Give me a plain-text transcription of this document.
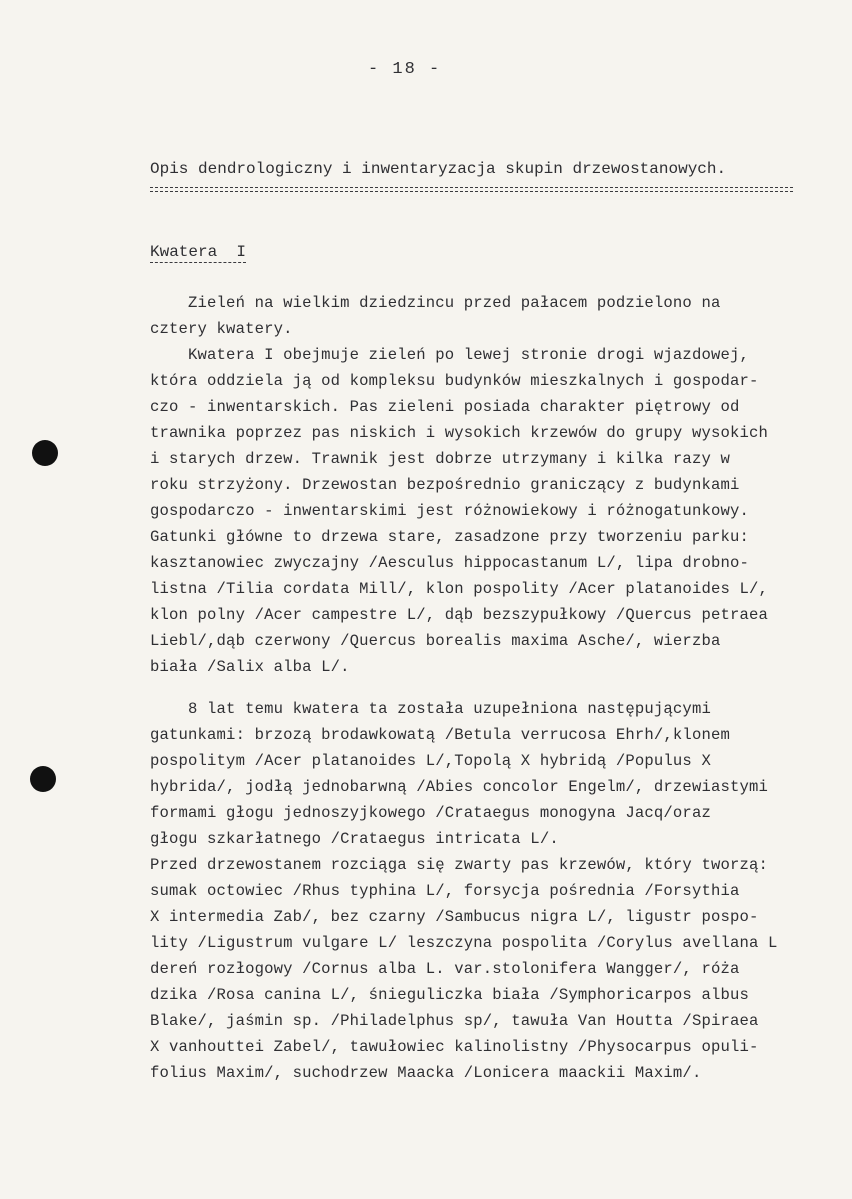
- 18 -
Opis dendrologiczny i inwentaryzacja skupin drzewostanowych.
Kwatera  I
Zieleń na wielkim dziedzincu przed pałacem podzielono na
cztery kwatery.
Kwatera I obejmuje zieleń po lewej stronie drogi wjazdowej,
która oddziela ją od kompleksu budynków mieszkalnych i gospodar-
czo - inwentarskich. Pas zieleni posiada charakter piętrowy od
trawnika poprzez pas niskich i wysokich krzewów do grupy wysokich
i starych drzew. Trawnik jest dobrze utrzymany i kilka razy w
roku strzyżony. Drzewostan bezpośrednio graniczący z budynkami
gospodarczo - inwentarskimi jest różnowiekowy i różnogatunkowy.
Gatunki główne to drzewa stare, zasadzone przy tworzeniu parku:
kasztanowiec zwyczajny /Aesculus hippocastanum L/, lipa drobno-
listna /Tilia cordata Mill/, klon pospolity /Acer platanoides L/,
klon polny /Acer campestre L/, dąb bezszypułkowy /Quercus petraea
Liebl/,dąb czerwony /Quercus borealis maxima Asche/, wierzba
biała /Salix alba L/.
8 lat temu kwatera ta została uzupełniona następującymi
gatunkami: brzozą brodawkowatą /Betula verrucosa Ehrh/,klonem
pospolitym /Acer platanoides L/,Topolą X hybridą /Populus X
hybrida/, jodłą jednobarwną /Abies concolor Engelm/, drzewiastymi
formami głogu jednoszyjkowego /Crataegus monogyna Jacq/oraz
głogu szkarłatnego /Crataegus intricata L/.
Przed drzewostanem rozciąga się zwarty pas krzewów, który tworzą:
sumak octowiec /Rhus typhina L/, forsycja pośrednia /Forsythia
X intermedia Zab/, bez czarny /Sambucus nigra L/, ligustr pospo-
lity /Ligustrum vulgare L/ leszczyna pospolita /Corylus avellana L
dereń rozłogowy /Cornus alba L. var.stolonifera Wangger/, róża
dzika /Rosa canina L/, śnieguliczka biała /Symphoricarpos albus
Blake/, jaśmin sp. /Philadelphus sp/, tawuła Van Houtta /Spiraea
X vanhouttei Zabel/, tawułowiec kalinolistny /Physocarpus opuli-
folius Maxim/, suchodrzew Maacka /Lonicera maackii Maxim/.
